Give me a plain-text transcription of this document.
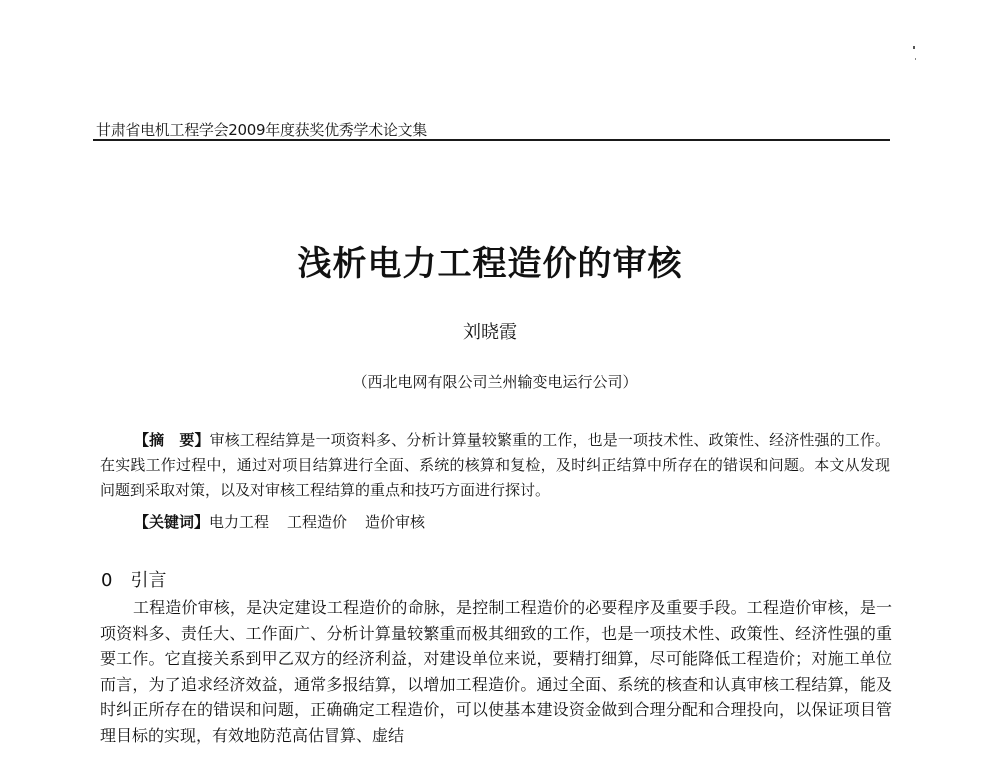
甘肃省电机工程学会2009年度获奖优秀学术论文集
浅析电力工程造价的审核
刘晓霞
（西北电网有限公司兰州输变电运行公司）
【摘　要】审核工程结算是一项资料多、分析计算量较繁重的工作，也是一项技术性、政策性、经济性强的工作。在实践工作过程中，通过对项目结算进行全面、系统的核算和复检，及时纠正结算中所存在的错误和问题。本文从发现问题到采取对策，以及对审核工程结算的重点和技巧方面进行探讨。
【关键词】电力工程 工程造价 造价审核
0 引言
工程造价审核，是决定建设工程造价的命脉，是控制工程造价的必要程序及重要手段。工程造价审核，是一项资料多、责任大、工作面广、分析计算量较繁重而极其细致的工作，也是一项技术性、政策性、经济性强的重要工作。它直接关系到甲乙双方的经济利益，对建设单位来说，要精打细算，尽可能降低工程造价；对施工单位而言，为了追求经济效益，通常多报结算，以增加工程造价。通过全面、系统的核查和认真审核工程结算，能及时纠正所存在的错误和问题，正确确定工程造价，可以使基本建设资金做到合理分配和合理投向，以保证项目管理目标的实现，有效地防范高估冒算、虚结
